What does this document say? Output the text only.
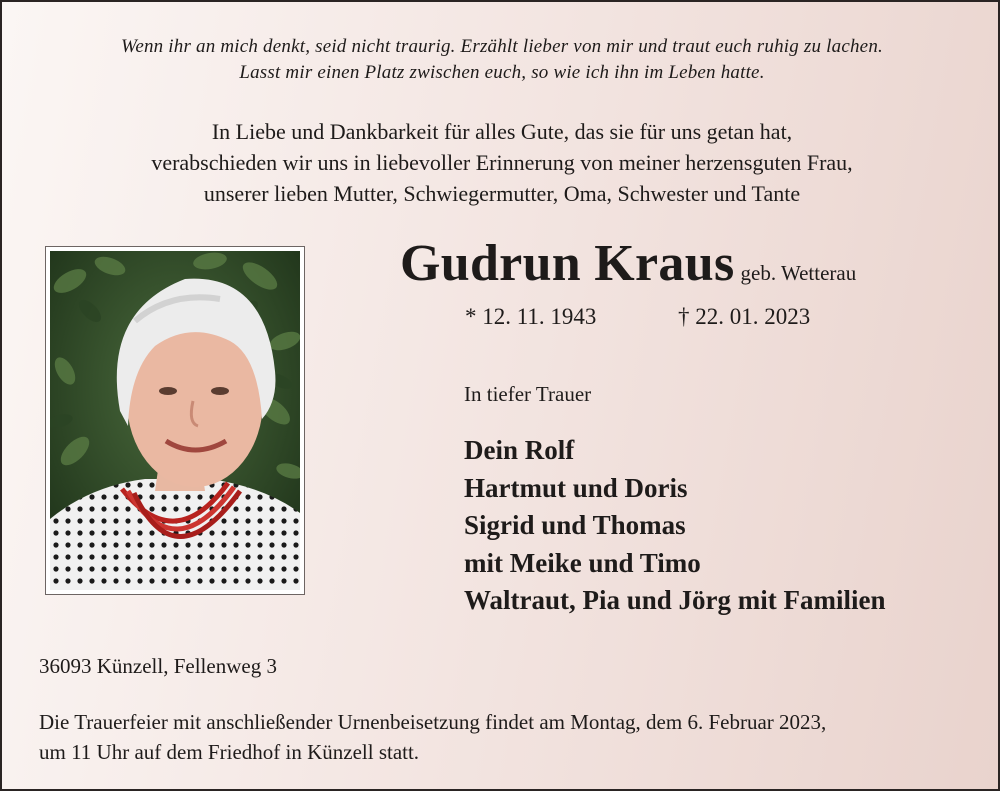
Wenn ihr an mich denkt, seid nicht traurig. Erzählt lieber von mir und traut euch ruhig zu lachen.
Lasst mir einen Platz zwischen euch, so wie ich ihn im Leben hatte.
In Liebe und Dankbarkeit für alles Gute, das sie für uns getan hat,
verabschieden wir uns in liebevoller Erinnerung von meiner herzensguten Frau,
unserer lieben Mutter, Schwiegermutter, Oma, Schwester und Tante
Gudrun Kraus geb. Wetterau
* 12. 11. 1943	† 22. 01. 2023
In tiefer Trauer
Dein Rolf
Hartmut und Doris
Sigrid und Thomas
mit Meike und Timo
Waltraut, Pia und Jörg mit Familien
36093 Künzell, Fellenweg 3
Die Trauerfeier mit anschließender Urnenbeisetzung findet am Montag, dem 6. Februar 2023,
um 11 Uhr auf dem Friedhof in Künzell statt.
